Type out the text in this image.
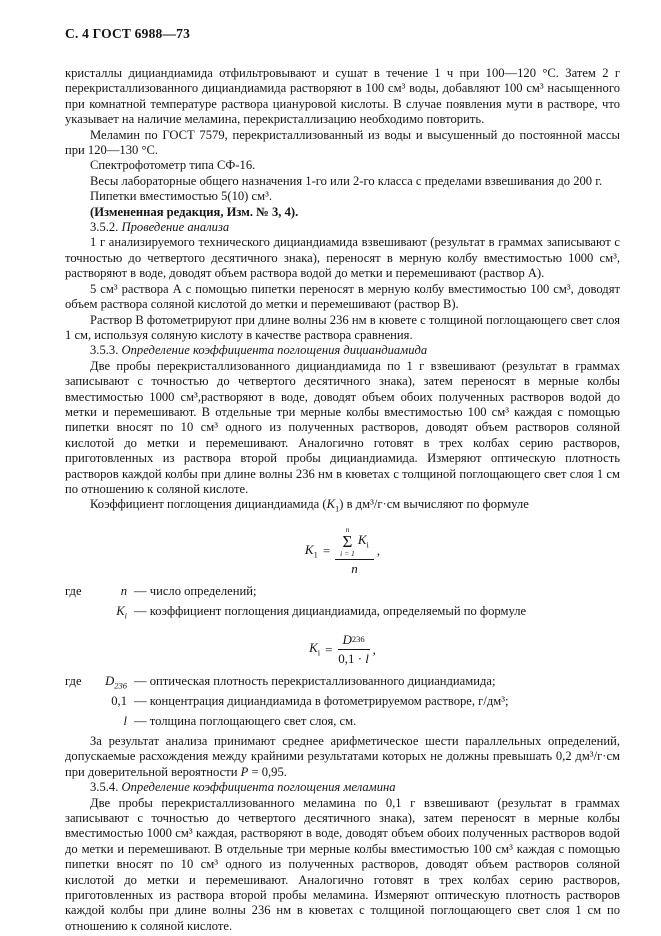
С. 4 ГОСТ 6988—73

кристаллы дициандиамида отфильтровывают и сушат в течение 1 ч при 100—120 °С. Затем 2 г перекристаллизованного дициандиамида растворяют в 100 см³ воды, добавляют 100 см³ насыщенного при комнатной температуре раствора циануровой кислоты. В случае появления мути в растворе, что указывает на наличие меламина, перекристаллизацию необходимо повторить.

Меламин по ГОСТ 7579, перекристаллизованный из воды и высушенный до постоянной массы при 120—130 °С.

Спектрофотометр типа СФ-16.

Весы лабораторные общего назначения 1-го или 2-го класса с пределами взвешивания до 200 г.

Пипетки вместимостью 5(10) см³.

(Измененная редакция, Изм. № 3, 4).

3.5.2. Проведение анализа

1 г анализируемого технического дициандиамида взвешивают (результат в граммах записывают с точностью до четвертого десятичного знака), переносят в мерную колбу вместимостью 1000 см³, растворяют в воде, доводят объем раствора водой до метки и перемешивают (раствор А).

5 см³ раствора А с помощью пипетки переносят в мерную колбу вместимостью 100 см³, доводят объем раствора соляной кислотой до метки и перемешивают (раствор В).

Раствор В фотометрируют при длине волны 236 нм в кювете с толщиной поглощающего свет слоя 1 см, используя соляную кислоту в качестве раствора сравнения.

3.5.3. Определение коэффициента поглощения дициандиамида

Две пробы перекристаллизованного дициандиамида по 1 г взвешивают (результат в граммах записывают с точностью до четвертого десятичного знака), затем переносят в мерные колбы вместимостью 1000 см³,растворяют в воде, доводят объем обоих полученных растворов водой до метки и перемешивают. В отдельные три мерные колбы вместимостью 100 см³ каждая с помощью пипетки вносят по 10 см³ одного из полученных растворов, доводят объем растворов соляной кислотой до метки и перемешивают. Аналогично готовят в трех колбах серию растворов, приготовленных из раствора второй пробы дициандиамида. Измеряют оптическую плотность растворов каждой колбы при длине волны 236 нм в кюветах с толщиной поглощающего свет слоя 1 см по отношению к соляной кислоте.

Коэффициент поглощения дициандиамида $(K_1)$ в дм³/г·см вычисляют по формуле

$K_1 = n$
Σ
i = 1
$K_i$
n ,
где	n — число определений;
$K_i$ — коэффициент поглощения дициандиамида, определяемый по формуле
$K_i = \frac{D 236}{0,1 \cdot l}$ ,
где	$D_{236}$ — оптическая плотность перекристаллизованного дициандиамида;
0,1 — концентрация дициандиамида в фотометрируемом растворе, г/дм³;
l — толщина поглощающего свет слоя, см.

За результат анализа принимают среднее арифметическое шести параллельных определений, допускаемые расхождения между крайними результатами которых не должны превышать 0,2 дм³/г·см при доверительной вероятности P = 0,95.

3.5.4. Определение коэффициента поглощения меламина

Две пробы перекристаллизованного меламина по 0,1 г взвешивают (результат в граммах записывают с точностью до четвертого десятичного знака), затем переносят в мерные колбы вместимостью 1000 см³ каждая, растворяют в воде, доводят объем обоих полученных растворов водой до метки и перемешивают. В отдельные три мерные колбы вместимостью 100 см³ каждая с помощью пипетки вносят по 10 см³ одного из полученных растворов, доводят объем растворов соляной кислотой до метки и перемешивают. Аналогично готовят в трех колбах серию растворов, приготовленных из раствора второй пробы меламина. Измеряют оптическую плотность растворов каждой колбы при длине волны 236 нм в кюветах с толщиной поглощающего свет слоя 1 см по отношению к соляной кислоте.
